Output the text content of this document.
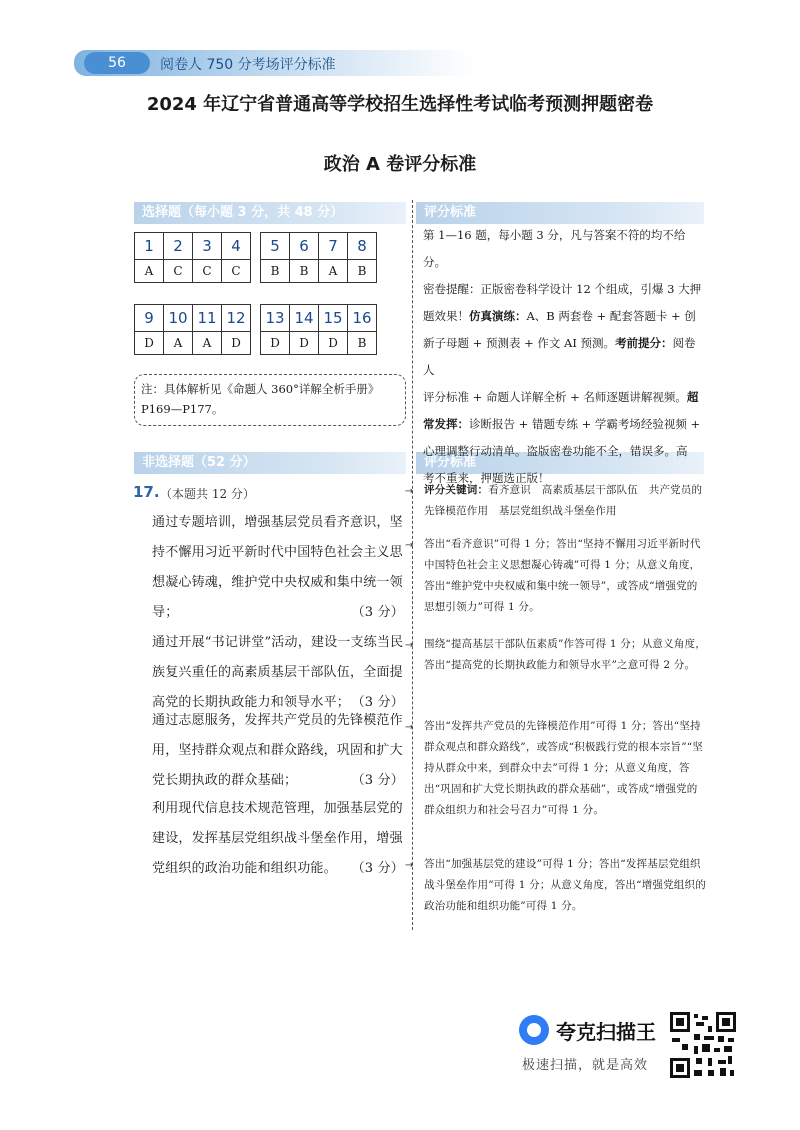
56	阅卷人 750 分考场评分标准
2024 年辽宁省普通高等学校招生选择性考试临考预测押题密卷
政治 A 卷评分标准
选择题（每小题 3 分，共 48 分）	评分标准
非选择题（52 分）	评分标准
1	2	3	4
A	C	C	C
5	6	7	8
B	B	A	B
9	10	11	12
D	A	A	D
13	14	15	16
D	D	D	B
注：具体解析见《命题人 360°详解全析手册》
P169—P177。
第 1—16 题，每小题 3 分，凡与答案不符的均不给分。
密卷提醒：正版密卷科学设计 12 个组成，引爆 3 大押
题效果！仿真演练：A、B 两套卷 + 配套答题卡 + 创
新子母题 + 预测表 + 作文 AI 预测。考前提分：阅卷人
评分标准 + 命题人详解全析 + 名师逐题讲解视频。超
常发挥：诊断报告 + 错题专练 + 学霸考场经验视频 +
心理调整行动清单。盗版密卷功能不全，错误多。高
考不重来，押题选正版！
17. （本题共 12 分）
通过专题培训，增强基层党员看齐意识，坚持不懈用习近平新时代中国特色社会主义思想凝心铸魂，维护党中央权威和集中统一领导；	（3 分）
通过开展“书记讲堂”活动，建设一支练当民族复兴重任的高素质基层干部队伍，全面提高党的长期执政能力和领导水平； （3 分）
通过志愿服务，发挥共产党员的先锋模范作用，坚持群众观点和群众路线，巩固和扩大党长期执政的群众基础；	（3 分）
利用现代信息技术规范管理，加强基层党的建设，发挥基层党组织战斗堡垒作用，增强党组织的政治功能和组织功能。 （3 分）
→ 评分关键词：看齐意识　高素质基层干部队伍　共产党员的先锋模范作用　基层党组织战斗堡垒作用
→ 答出“看齐意识”可得 1 分；答出“坚持不懈用习近平新时代中国特色社会主义思想凝心铸魂”可得 1 分；从意义角度，答出“维护党中央权威和集中统一领导”，或答成“增强党的思想引领力”可得 1 分。
→ 围绕“提高基层干部队伍素质”作答可得 1 分；从意义角度，答出“提高党的长期执政能力和领导水平”之意可得 2 分。
→ 答出“发挥共产党员的先锋模范作用”可得 1 分；答出“坚持群众观点和群众路线”，或答成“积极践行党的根本宗旨”“坚持从群众中来，到群众中去”可得 1 分；从意义角度，答出“巩固和扩大党长期执政的群众基础”，或答成“增强党的群众组织力和社会号召力”可得 1 分。
→ 答出“加强基层党的建设”可得 1 分；答出“发挥基层党组织战斗堡垒作用”可得 1 分；从意义角度，答出“增强党组织的政治功能和组织功能”可得 1 分。
夸克扫描王
极速扫描，就是高效
